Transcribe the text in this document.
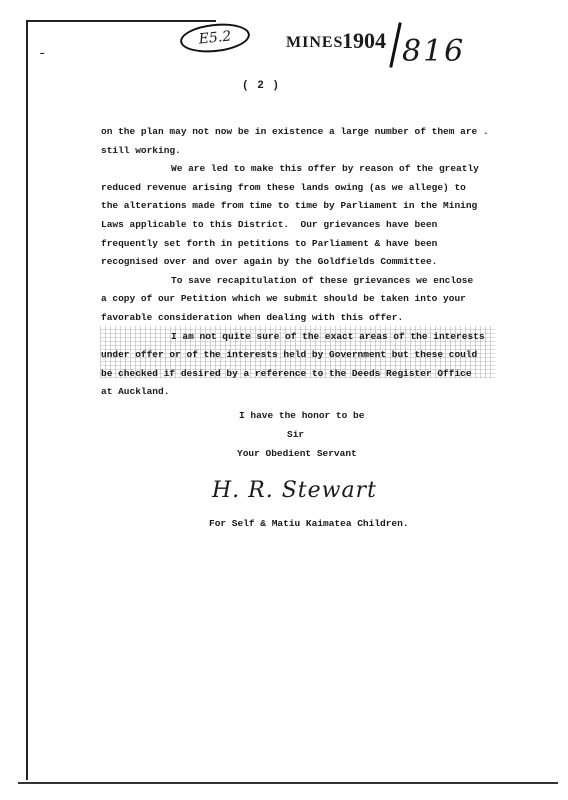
-
E5.2	MINES
1904 816
( 2 )
on the plan may not now be in existence a large number of them are .
still working.
We are led to make this offer by reason of the greatly
reduced revenue arising from these lands owing (as we allege) to
the alterations made from time to time by Parliament in the Mining
Laws applicable to this District.  Our grievances have been
frequently set forth in petitions to Parliament & have been
recognised over and over again by the Goldfields Committee.
To save recapitulation of these grievances we enclose
a copy of our Petition which we submit should be taken into your
favorable consideration when dealing with this offer.
I am not quite sure of the exact areas of the interests
under offer or of the interests held by Government but these could
be checked if desired by a reference to the Deeds Register Office
at Auckland.
I have the honor to be
Sir
Your Obedient Servant
H. R. Stewart
For Self & Matiu Kaimatea Children.
